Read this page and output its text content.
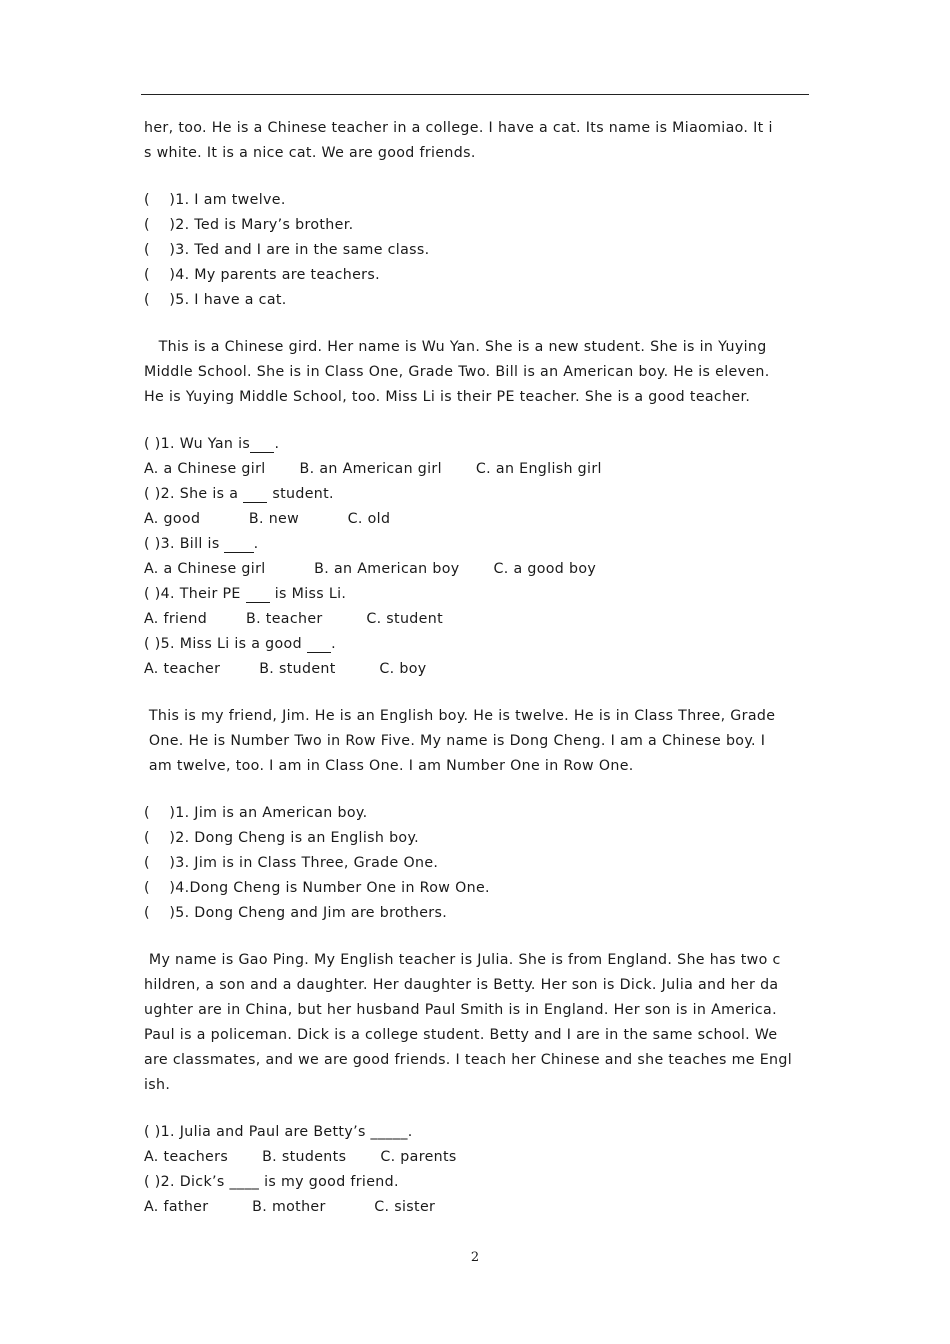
her, too. He is a Chinese teacher in a college. I have a cat. Its name is Miaomiao. It i
s white. It is a nice cat. We are good friends.
(    )1. I am twelve.
(    )2. Ted is Mary’s brother.
(    )3. Ted and I are in the same class.
(    )4. My parents are teachers.
(    )5. I have a cat.
This is a Chinese gird. Her name is Wu Yan. She is a new student. She is in Yuying
Middle School. She is in Class One, Grade Two. Bill is an American boy. He is eleven.
He is Yuying Middle School, too. Miss Li is their PE teacher. She is a good teacher.
( )1. Wu Yan is .
A. a Chinese girl       B. an American girl       C. an English girl
( )2. She is a       student.
A. good          B. new          C. old
( )3. Bill is       .
A. a Chinese girl          B. an American boy       C. a good boy
( )4. Their PE       is Miss Li.
A. friend        B. teacher         C. student
( )5. Miss Li is a good      .
A. teacher        B. student         C. boy
This is my friend, Jim. He is an English boy. He is twelve. He is in Class Three, Grade
One. He is Number Two in Row Five. My name is Dong Cheng. I am a Chinese boy. I
am twelve, too. I am in Class One. I am Number One in Row One.
(    )1. Jim is an American boy.
(    )2. Dong Cheng is an English boy.
(    )3. Jim is in Class Three, Grade One.
(    )4.Dong Cheng is Number One in Row One.
(    )5. Dong Cheng and Jim are brothers.
My name is Gao Ping. My English teacher is Julia. She is from England. She has two c
hildren, a son and a daughter. Her daughter is Betty. Her son is Dick. Julia and her da
ughter are in China, but her husband Paul Smith is in England. Her son is in America.
Paul is a policeman. Dick is a college student. Betty and I are in the same school. We
are classmates, and we are good friends. I teach her Chinese and she teaches me Engl
ish.
( )1. Julia and Paul are Betty’s _____.
A. teachers       B. students       C. parents
( )2. Dick’s ____ is my good friend.
A. father         B. mother          C. sister
2
